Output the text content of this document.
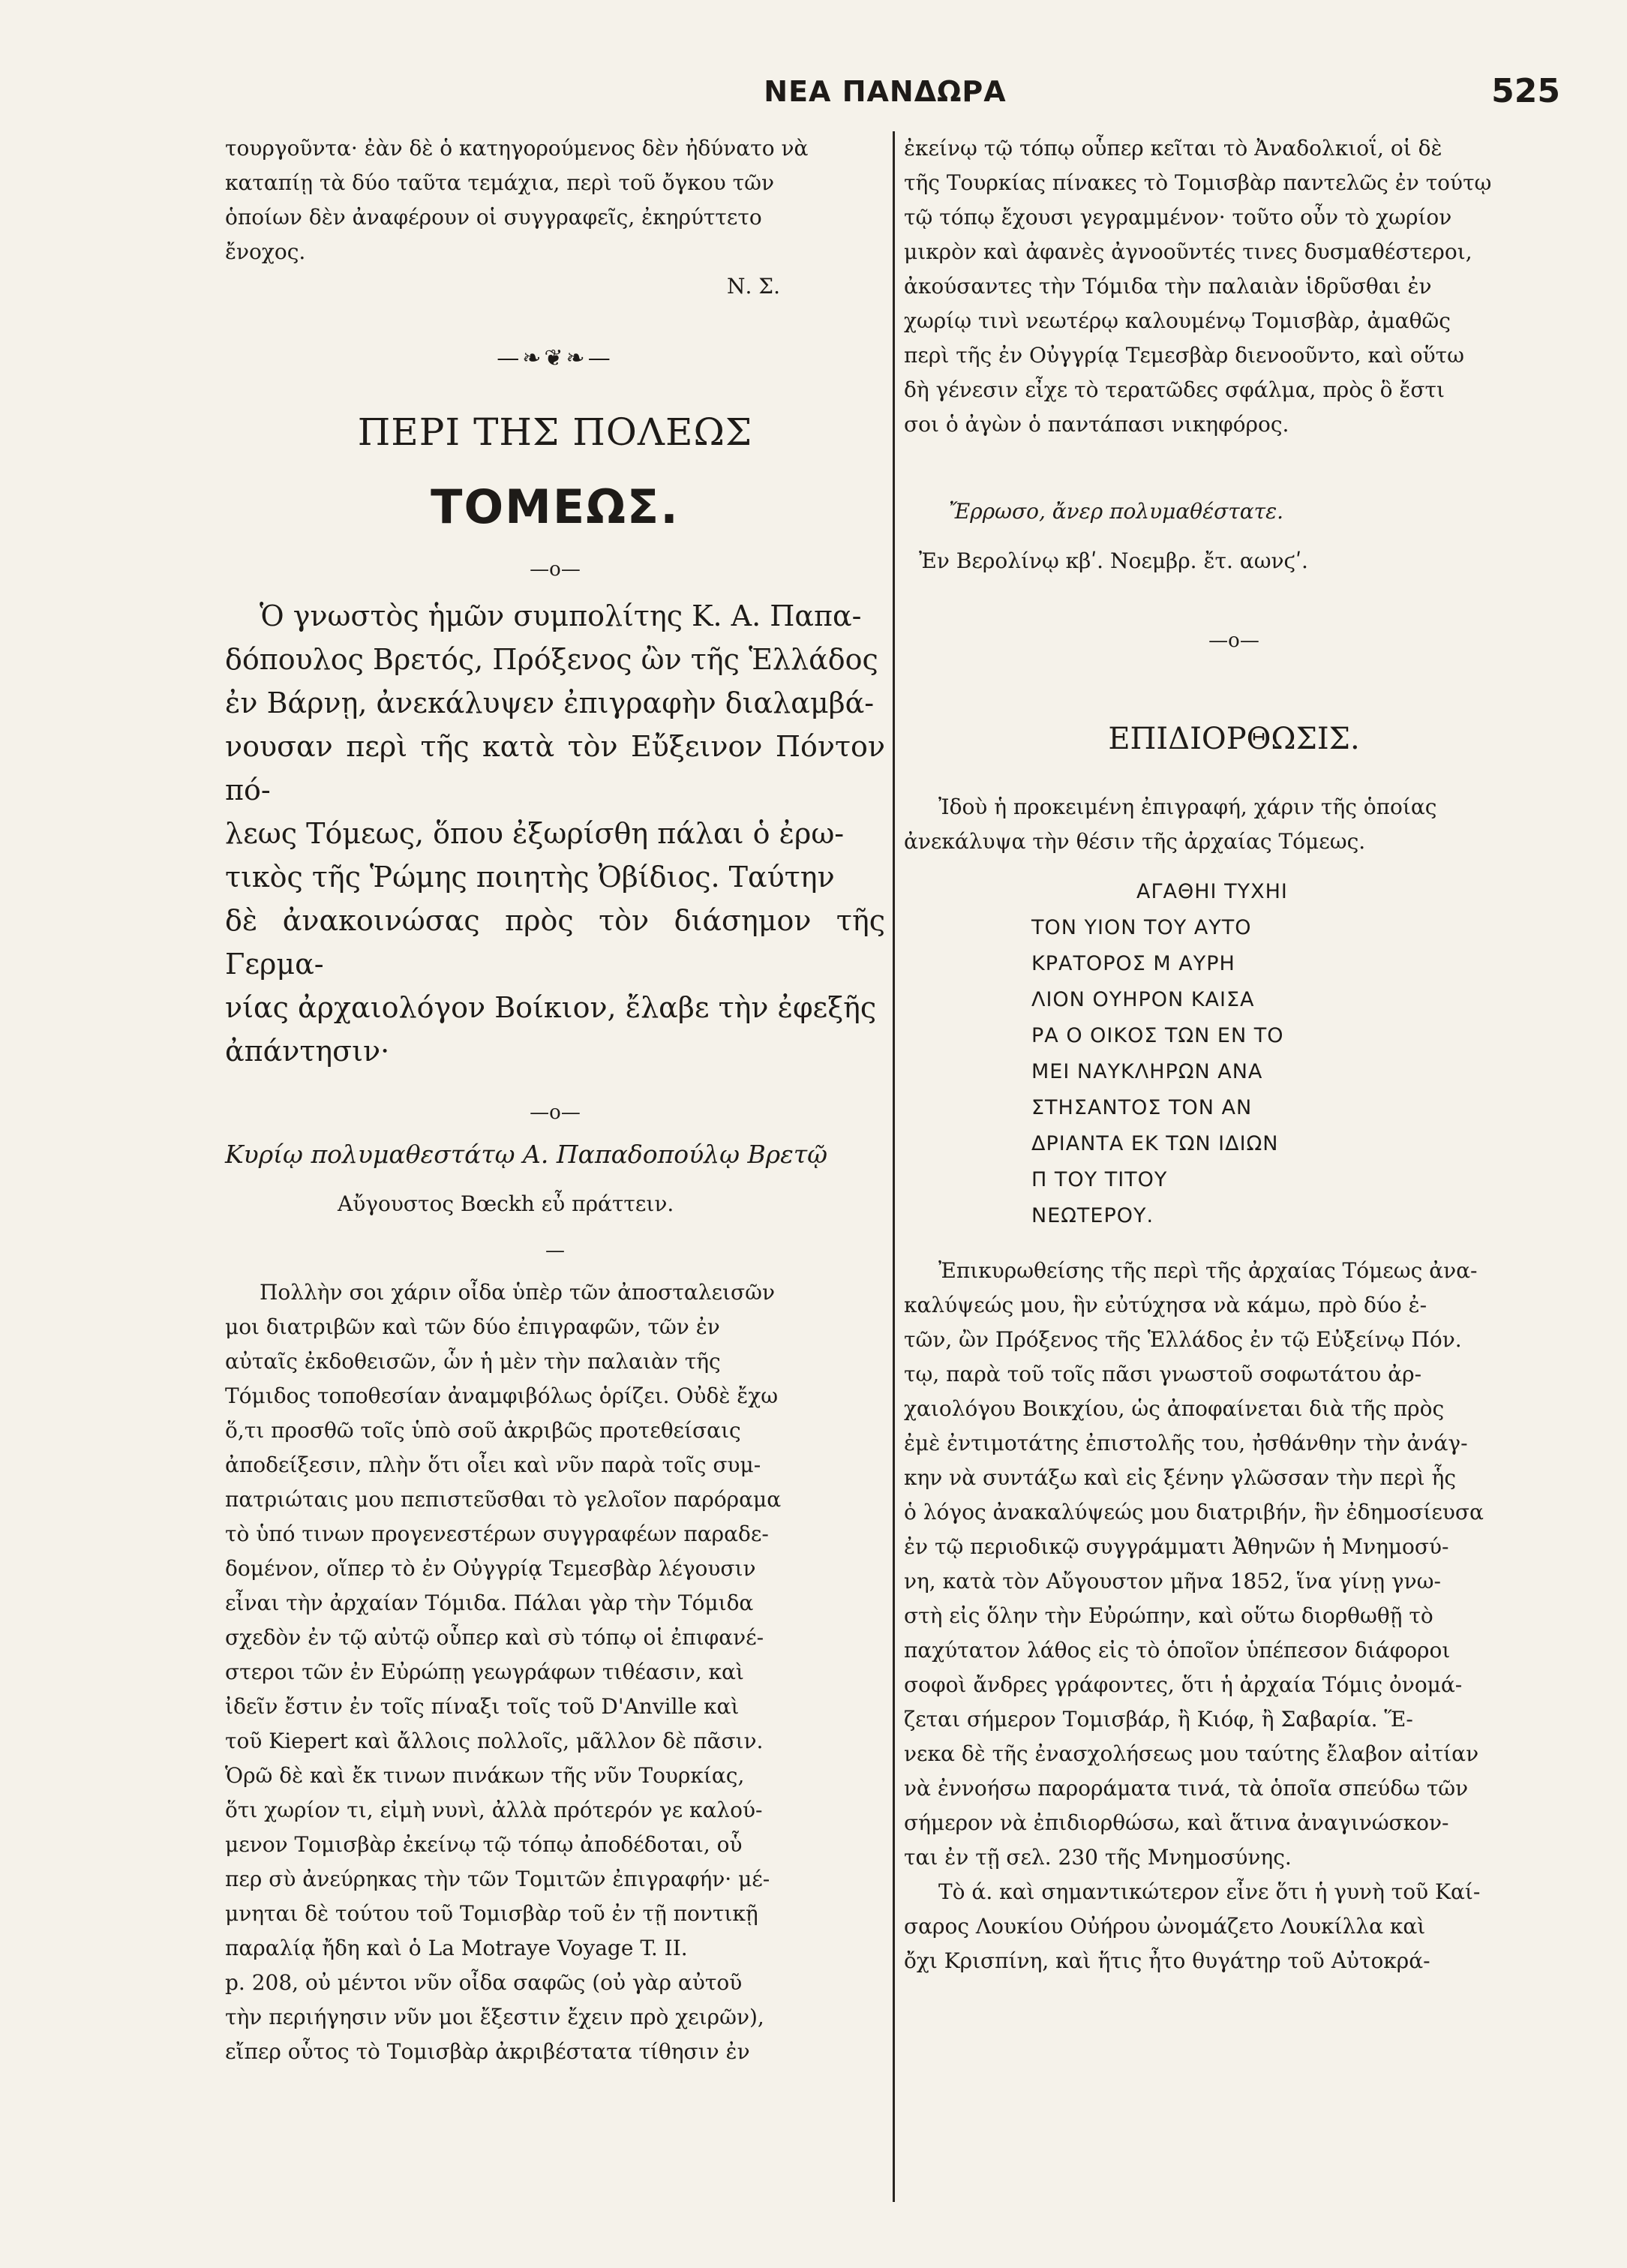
ΝΕΑ ΠΑΝΔΩΡΑ	525

τουργοῦντα· ἐὰν δὲ ὁ κατηγορούμενος δὲν ἠδύνατο νὰ

καταπίῃ τὰ δύο ταῦτα τεμάχια, περὶ τοῦ ὄγκου τῶν

ὁποίων δὲν ἀναφέρουν οἱ συγγραφεῖς, ἐκηρύττετο

ἔνοχος.

Ν. Σ.

—❧❦❧—
ΠΕΡΙ ΤΗΣ ΠΟΛΕΩΣ
ΤΟΜΕΩΣ.
—o—

Ὁ γνωστὸς ἡμῶν συμπολίτης Κ. Α. Παπα-

δόπουλος Βρετός, Πρόξενος ὢν τῆς Ἑλλάδος

ἐν Βάρνῃ, ἀνεκάλυψεν ἐπιγραφὴν διαλαμβά-

νουσαν περὶ τῆς κατὰ τὸν Εὔξεινον Πόντον πό-

λεως Τόμεως, ὅπου ἐξωρίσθη πάλαι ὁ ἐρω-

τικὸς τῆς Ῥώμης ποιητὴς Ὀβίδιος. Ταύτην

δὲ ἀνακοινώσας πρὸς τὸν διάσημον τῆς Γερμα-

νίας ἀρχαιολόγον Βοίκιον, ἔλαβε τὴν ἐφεξῆς

ἀπάντησιν·

—o—

Κυρίῳ πολυμαθεστάτῳ Α. Παπαδοπούλῳ Βρετῷ

Αὔγουστος Bœckh εὖ πράττειν.

—

Πολλὴν σοι χάριν οἶδα ὑπὲρ τῶν ἀποσταλεισῶν

μοι διατριβῶν καὶ τῶν δύο ἐπιγραφῶν, τῶν ἐν

αὐταῖς ἐκδοθεισῶν, ὧν ἡ μὲν τὴν παλαιὰν τῆς

Τόμιδος τοποθεσίαν ἀναμφιβόλως ὁρίζει. Οὐδὲ ἔχω

ὅ,τι προσθῶ τοῖς ὑπὸ σοῦ ἀκριβῶς προτεθείσαις

ἀποδείξεσιν, πλὴν ὅτι οἶει καὶ νῦν παρὰ τοῖς συμ-

πατριώταις μου πεπιστεῦσθαι τὸ γελοῖον παρόραμα

τὸ ὑπό τινων προγενεστέρων συγγραφέων παραδε-

δομένον, οἵπερ τὸ ἐν Οὐγγρίᾳ Τεμεσβὰρ λέγουσιν

εἶναι τὴν ἀρχαίαν Τόμιδα. Πάλαι γὰρ τὴν Τόμιδα

σχεδὸν ἐν τῷ αὐτῷ οὗπερ καὶ σὺ τόπῳ οἱ ἐπιφανέ-

στεροι τῶν ἐν Εὐρώπῃ γεωγράφων τιθέασιν, καὶ

ἰδεῖν ἔστιν ἐν τοῖς πίναξι τοῖς τοῦ D'Anville καὶ

τοῦ Kiepert καὶ ἄλλοις πολλοῖς, μᾶλλον δὲ πᾶσιν.

Ὁρῶ δὲ καὶ ἔκ τινων πινάκων τῆς νῦν Τουρκίας,

ὅτι χωρίον τι, εἰμὴ νυνὶ, ἀλλὰ πρότερόν γε καλού-

μενον Τομισβὰρ ἐκείνῳ τῷ τόπῳ ἀποδέδοται, οὗ

περ σὺ ἀνεύρηκας τὴν τῶν Τομιτῶν ἐπιγραφήν· μέ-

μνηται δὲ τούτου τοῦ Τομισβὰρ τοῦ ἐν τῇ ποντικῇ

παραλίᾳ ἤδη καὶ ὁ La Motraye Voyage T. II.

p. 208, οὐ μέντοι νῦν οἶδα σαφῶς (οὐ γὰρ αὐτοῦ

τὴν περιήγησιν νῦν μοι ἔξεστιν ἔχειν πρὸ χειρῶν),

εἴπερ οὗτος τὸ Τομισβὰρ ἀκριβέστατα τίθησιν ἐν

ἐκείνῳ τῷ τόπῳ οὗπερ κεῖται τὸ Ἀναδολκιοΐ, οἱ δὲ

τῆς Τουρκίας πίνακες τὸ Τομισβὰρ παντελῶς ἐν τούτῳ

τῷ τόπῳ ἔχουσι γεγραμμένον· τοῦτο οὖν τὸ χωρίον

μικρὸν καὶ ἀφανὲς ἀγνοοῦντές τινες δυσμαθέστεροι,

ἀκούσαντες τὴν Τόμιδα τὴν παλαιὰν ἱδρῦσθαι ἐν

χωρίῳ τινὶ νεωτέρῳ καλουμένῳ Τομισβὰρ, ἀμαθῶς

περὶ τῆς ἐν Οὐγγρίᾳ Τεμεσβὰρ διενοοῦντο, καὶ οὕτω

δὴ γένεσιν εἶχε τὸ τερατῶδες σφάλμα, πρὸς ὃ ἔστι

σοι ὁ ἀγὼν ὁ παντάπασι νικηφόρος.

Ἔρρωσο, ἄνερ πολυμαθέστατε.

Ἐν Βερολίνῳ κβʹ. Νοεμβρ. ἔτ. αωνϛʹ.

—o—
ΕΠΙΔΙΟΡΘΩΣΙΣ.

Ἰδοὺ ἡ προκειμένη ἐπιγραφή, χάριν τῆς ὁποίας

ἀνεκάλυψα τὴν θέσιν τῆς ἀρχαίας Τόμεως.

ΑΓΑΘΗΙ ΤΥΧΗΙ

ΤΟΝ ΥΙΟΝ ΤΟΥ ΑΥΤΟ

ΚΡΑΤΟΡΟΣ Μ ΑΥΡΗ

ΛΙΟΝ ΟΥΗΡΟΝ ΚΑΙΣΑ

ΡΑ Ο ΟΙΚΟΣ ΤΩΝ ΕΝ ΤΟ

ΜΕΙ ΝΑΥΚΛΗΡΩΝ ΑΝΑ

ΣΤΗΣΑΝΤΟΣ ΤΟΝ ΑΝ

ΔΡΙΑΝΤΑ ΕΚ ΤΩΝ ΙΔΙΩΝ

Π ΤΟΥ ΤΙΤΟΥ

ΝΕΩΤΕΡΟΥ.

Ἐπικυρωθείσης τῆς περὶ τῆς ἀρχαίας Τόμεως ἀνα-

καλύψεώς μου, ἣν εὐτύχησα νὰ κάμω, πρὸ δύο ἐ-

τῶν, ὢν Πρόξενος τῆς Ἑλλάδος ἐν τῷ Εὐξείνῳ Πόν.

τῳ, παρὰ τοῦ τοῖς πᾶσι γνωστοῦ σοφωτάτου ἀρ-

χαιολόγου Βοικχίου, ὡς ἀποφαίνεται διὰ τῆς πρὸς

ἐμὲ ἐντιμοτάτης ἐπιστολῆς του, ἠσθάνθην τὴν ἀνάγ-

κην νὰ συντάξω καὶ εἰς ξένην γλῶσσαν τὴν περὶ ἧς

ὁ λόγος ἀνακαλύψεώς μου διατριβήν, ἣν ἐδημοσίευσα

ἐν τῷ περιοδικῷ συγγράμματι Ἀθηνῶν ἡ Μνημοσύ-

νη, κατὰ τὸν Αὔγουστον μῆνα 1852, ἵνα γίνῃ γνω-

στὴ εἰς ὅλην τὴν Εὐρώπην, καὶ οὕτω διορθωθῇ τὸ

παχύτατον λάθος εἰς τὸ ὁποῖον ὑπέπεσον διάφοροι

σοφοὶ ἄνδρες γράφοντες, ὅτι ἡ ἀρχαία Τόμις ὀνομά-

ζεται σήμερον Τομισβάρ, ἢ Κιόφ, ἢ Σαβαρία. Ἕ-

νεκα δὲ τῆς ἐνασχολήσεως μου ταύτης ἔλαβον αἰτίαν

νὰ ἐννοήσω παροράματα τινά, τὰ ὁποῖα σπεύδω τῶν

σήμερον νὰ ἐπιδιορθώσω, καὶ ἅτινα ἀναγινώσκον-

ται ἐν τῇ σελ. 230 τῆς Μνημοσύνης.

Τὸ ά. καὶ σημαντικώτερον εἶνε ὅτι ἡ γυνὴ τοῦ Καί-

σαρος Λουκίου Οὐήρου ὠνομάζετο Λουκίλλα καὶ

ὄχι Κρισπίνη, καὶ ἥτις ἦτο θυγάτηρ τοῦ Αὐτοκρά-
